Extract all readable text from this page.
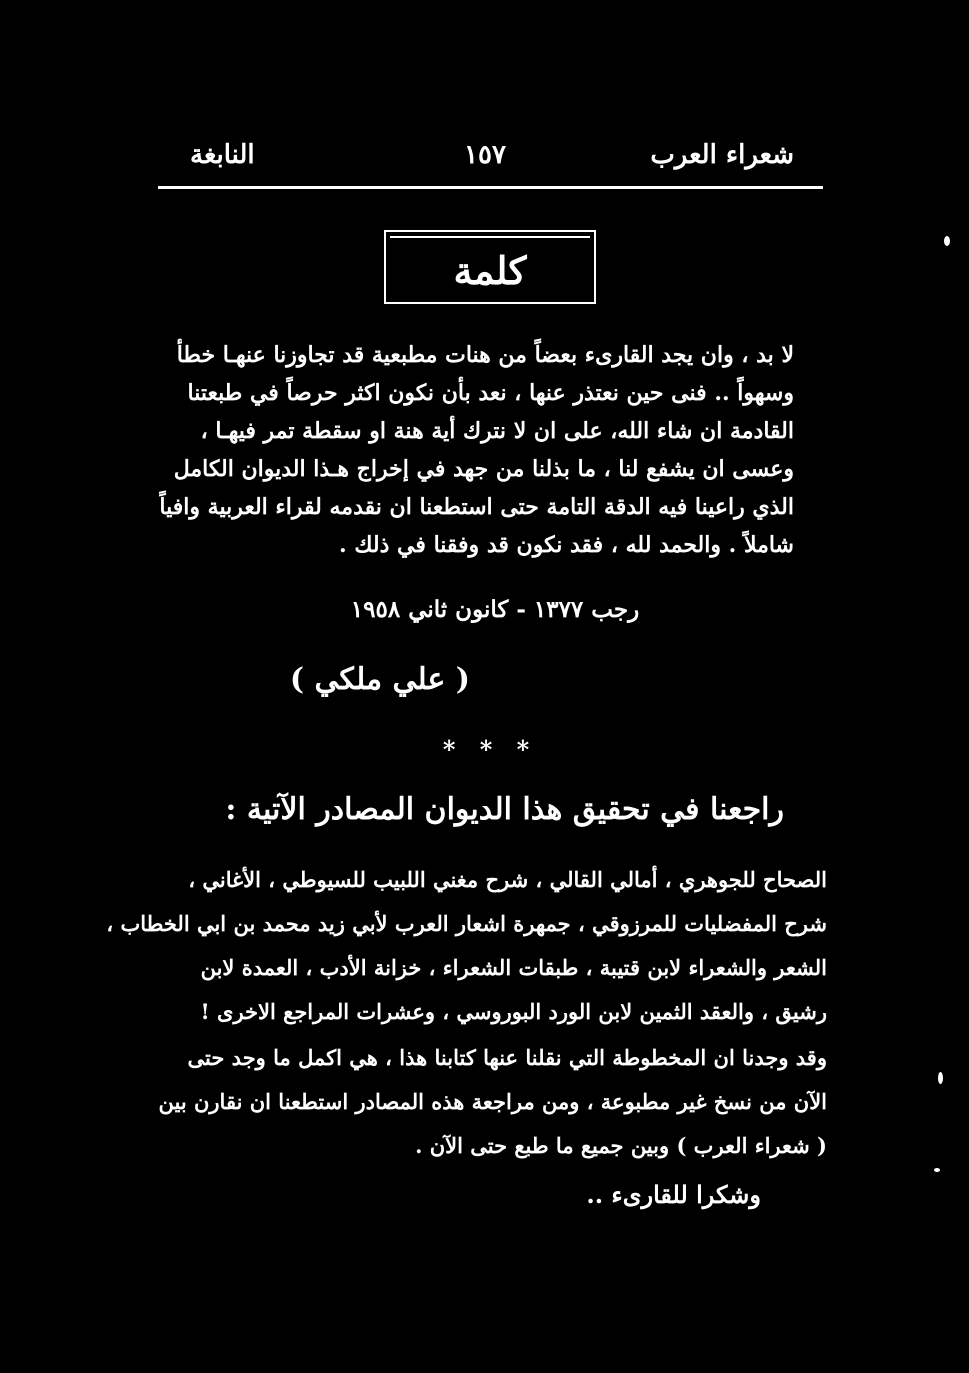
شعراء العرب
١٥٧
النابغة
كلمة
لا بد ، وان يجد القارىء بعضاً من هنات مطبعية قد تجاوزنا عنهـا خطأ
وسهواً .. فنى حين نعتذر عنها ، نعد بأن نكون اكثر حرصاً في طبعتنا
القادمة ان شاء الله، على ان لا نترك أية هنة او سقطة تمر فيهـا ،
وعسى ان يشفع لنا ، ما بذلنا من جهد في إخراج هـذا الديوان الكامل
الذي راعينا فيه الدقة التامة حتى استطعنا ان نقدمه لقراء العربية وافياً
شاملاً . والحمد لله ، فقد نكون قد وفقنا في ذلك .
رجب ١٣٧٧ - كانون ثاني ١٩٥٨
( علي ملكي )
* * *
راجعنا في تحقيق هذا الديوان المصادر الآتية :
الصحاح للجوهري ، أمالي القالي ، شرح مغني اللبيب للسيوطي ، الأغاني ،
شرح المفضليات للمرزوقي ، جمهرة اشعار العرب لأبي زيد محمد بن ابي الخطاب ،
الشعر والشعراء لابن قتيبة ، طبقات الشعراء ، خزانة الأدب ، العمدة لابن
رشيق ، والعقد الثمين لابن الورد البوروسي ، وعشرات المراجع الاخرى !
وقد وجدنا ان المخطوطة التي نقلنا عنها كتابنا هذا ، هي اكمل ما وجد حتى
الآن من نسخ غير مطبوعة ، ومن مراجعة هذه المصادر استطعنا ان نقارن بين
( شعراء العرب ) وبين جميع ما طبع حتى الآن .
وشكرا للقارىء ..
